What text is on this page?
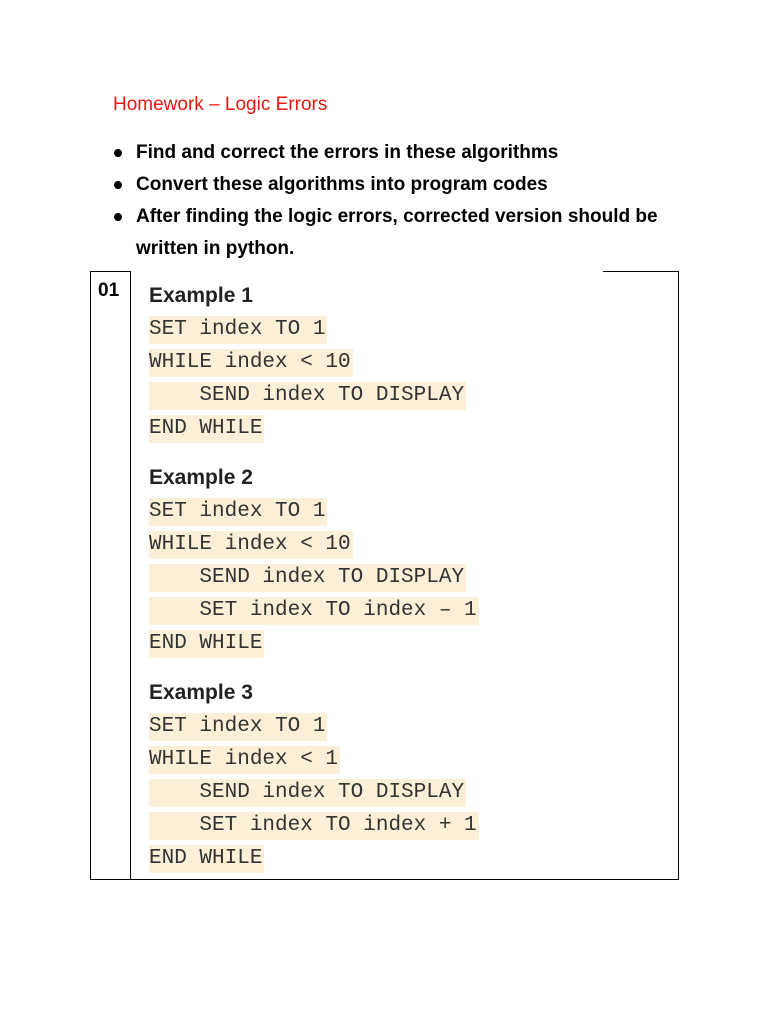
Homework – Logic Errors
Find and correct the errors in these algorithms
Convert these algorithms into program codes
After finding the logic errors, corrected version should be
written in python.
01 Example 1
SET index TO 1
WHILE index < 10
SEND index TO DISPLAY
END WHILE
Example 2
SET index TO 1
WHILE index < 10
SEND index TO DISPLAY
SET index TO index – 1
END WHILE
Example 3
SET index TO 1
WHILE index < 1
SEND index TO DISPLAY
SET index TO index + 1
END WHILE
